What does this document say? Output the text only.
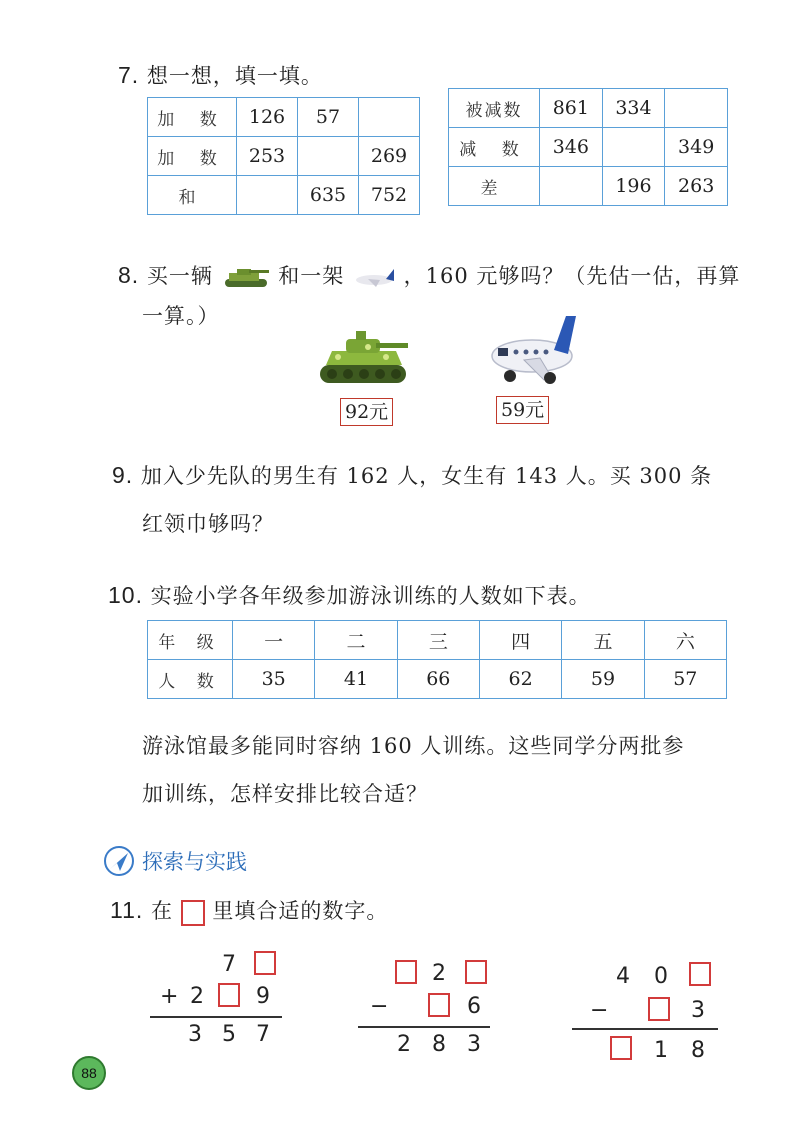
7. 想一想，填一填。
加 数	126	57	
加 数	253		269
和		635	752
被减数	861	334	
减 数	346		349
差		196	263
8. 买一辆	和一架	，160 元够吗？（先估一估，再算
一算。）
92元	59元
9. 加入少先队的男生有 162 人，女生有 143 人。买 300 条
红领巾够吗？
10. 实验小学各年级参加游泳训练的人数如下表。
年 级	一	二	三	四	五	六
人 数	35	41	66	62	59	57
游泳馆最多能同时容纳 160 人训练。这些同学分两批参
加训练，怎样安排比较合适？
探索与实践
11. 在 里填合适的数字。
7
+ 2 9
3 5 7
2
−	6
2 8 3
4 0
−	3
1 8
88
